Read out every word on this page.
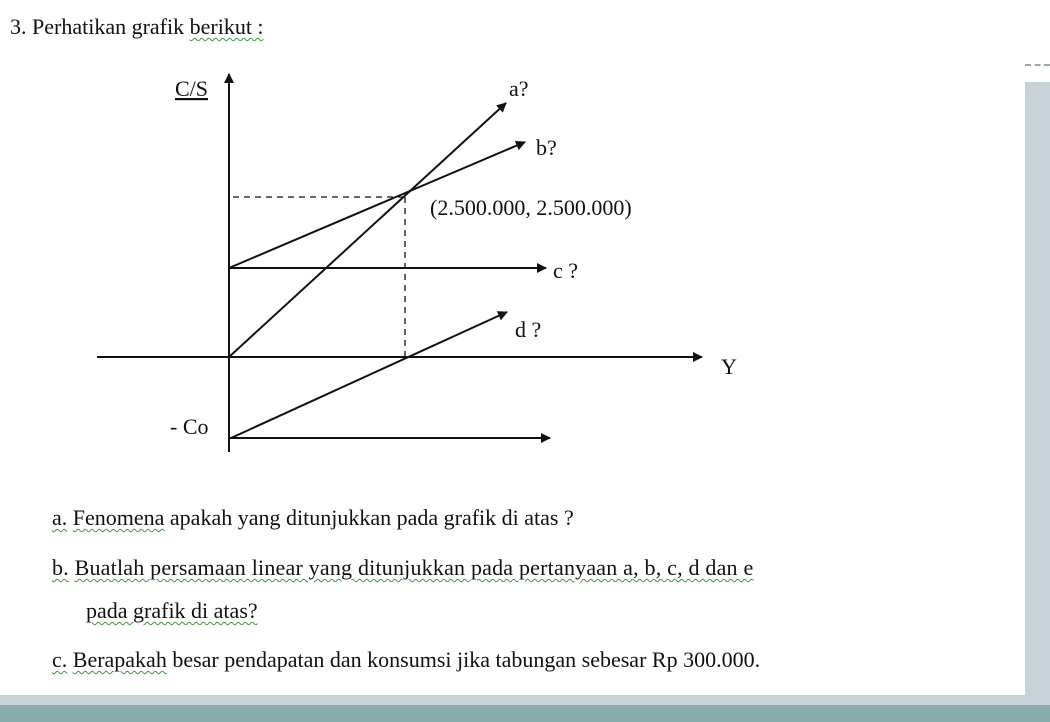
3. Perhatikan grafik berikut :
C/S	a?
b?
(2.500.000, 2.500.000)
c ?
d ?
Y
- Co
a. Fenomena apakah yang ditunjukkan pada grafik di atas ?
b. Buatlah persamaan linear yang ditunjukkan pada pertanyaan a, b, c, d dan e
pada grafik di atas?
c. Berapakah besar pendapatan dan konsumsi jika tabungan sebesar Rp 300.000.
